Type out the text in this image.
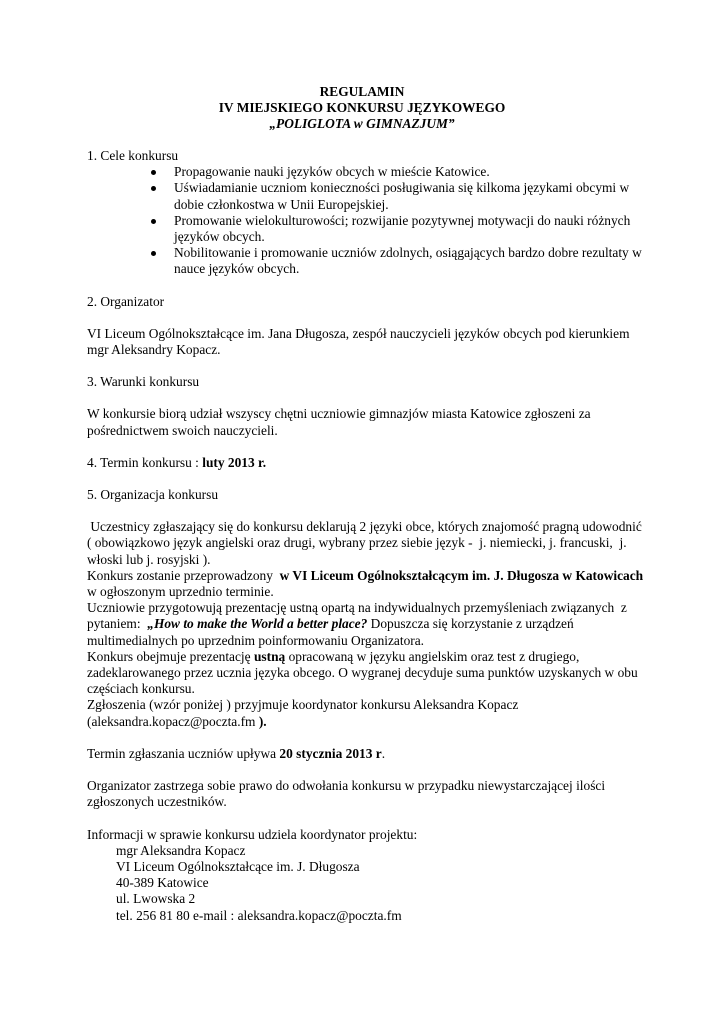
REGULAMIN
IV MIEJSKIEGO KONKURSU JĘZYKOWEGO
„POLIGLOTA w GIMNAZJUM”

1. Cele konkursu

Propagowanie nauki języków obcych w mieście Katowice.
Uświadamianie uczniom konieczności posługiwania się kilkoma językami obcymi w dobie członkostwa w Unii Europejskiej.
Promowanie wielokulturowości; rozwijanie pozytywnej motywacji do nauki różnych języków obcych.
Nobilitowanie i promowanie uczniów zdolnych, osiągających bardzo dobre rezultaty w nauce języków obcych.

2. Organizator

VI Liceum Ogólnokształcące im. Jana Długosza, zespół nauczycieli języków obcych pod kierunkiem mgr Aleksandry Kopacz.

3. Warunki konkursu

W konkursie biorą udział wszyscy chętni uczniowie gimnazjów miasta Katowice zgłoszeni za pośrednictwem swoich nauczycieli.

4. Termin konkursu : luty 2013 r.

5. Organizacja konkursu

Uczestnicy zgłaszający się do konkursu deklarują 2 języki obce, których znajomość pragną udowodnić ( obowiązkowo język angielski oraz drugi, wybrany przez siebie język -  j. niemiecki, j. francuski,  j. włoski lub j. rosyjski ).

Konkurs zostanie przeprowadzony  w VI Liceum Ogólnokształcącym im. J. Długosza w Katowicach w ogłoszonym uprzednio terminie.

Uczniowie przygotowują prezentację ustną opartą na indywidualnych przemyśleniach związanych  z pytaniem:  „How to make the World a better place? Dopuszcza się korzystanie z urządzeń multimedialnych po uprzednim poinformowaniu Organizatora.

Konkurs obejmuje prezentację ustną opracowaną w języku angielskim oraz test z drugiego, zadeklarowanego przez ucznia języka obcego. O wygranej decyduje suma punktów uzyskanych w obu częściach konkursu.

Zgłoszenia (wzór poniżej ) przyjmuje koordynator konkursu Aleksandra Kopacz (aleksandra.kopacz@poczta.fm ).

Termin zgłaszania uczniów upływa 20 stycznia 2013 r.

Organizator zastrzega sobie prawo do odwołania konkursu w przypadku niewystarczającej ilości zgłoszonych uczestników.

Informacji w sprawie konkursu udziela koordynator projektu:

mgr Aleksandra Kopacz

VI Liceum Ogólnokształcące im. J. Długosza

40-389 Katowice

ul. Lwowska 2

tel. 256 81 80 e-mail : aleksandra.kopacz@poczta.fm
